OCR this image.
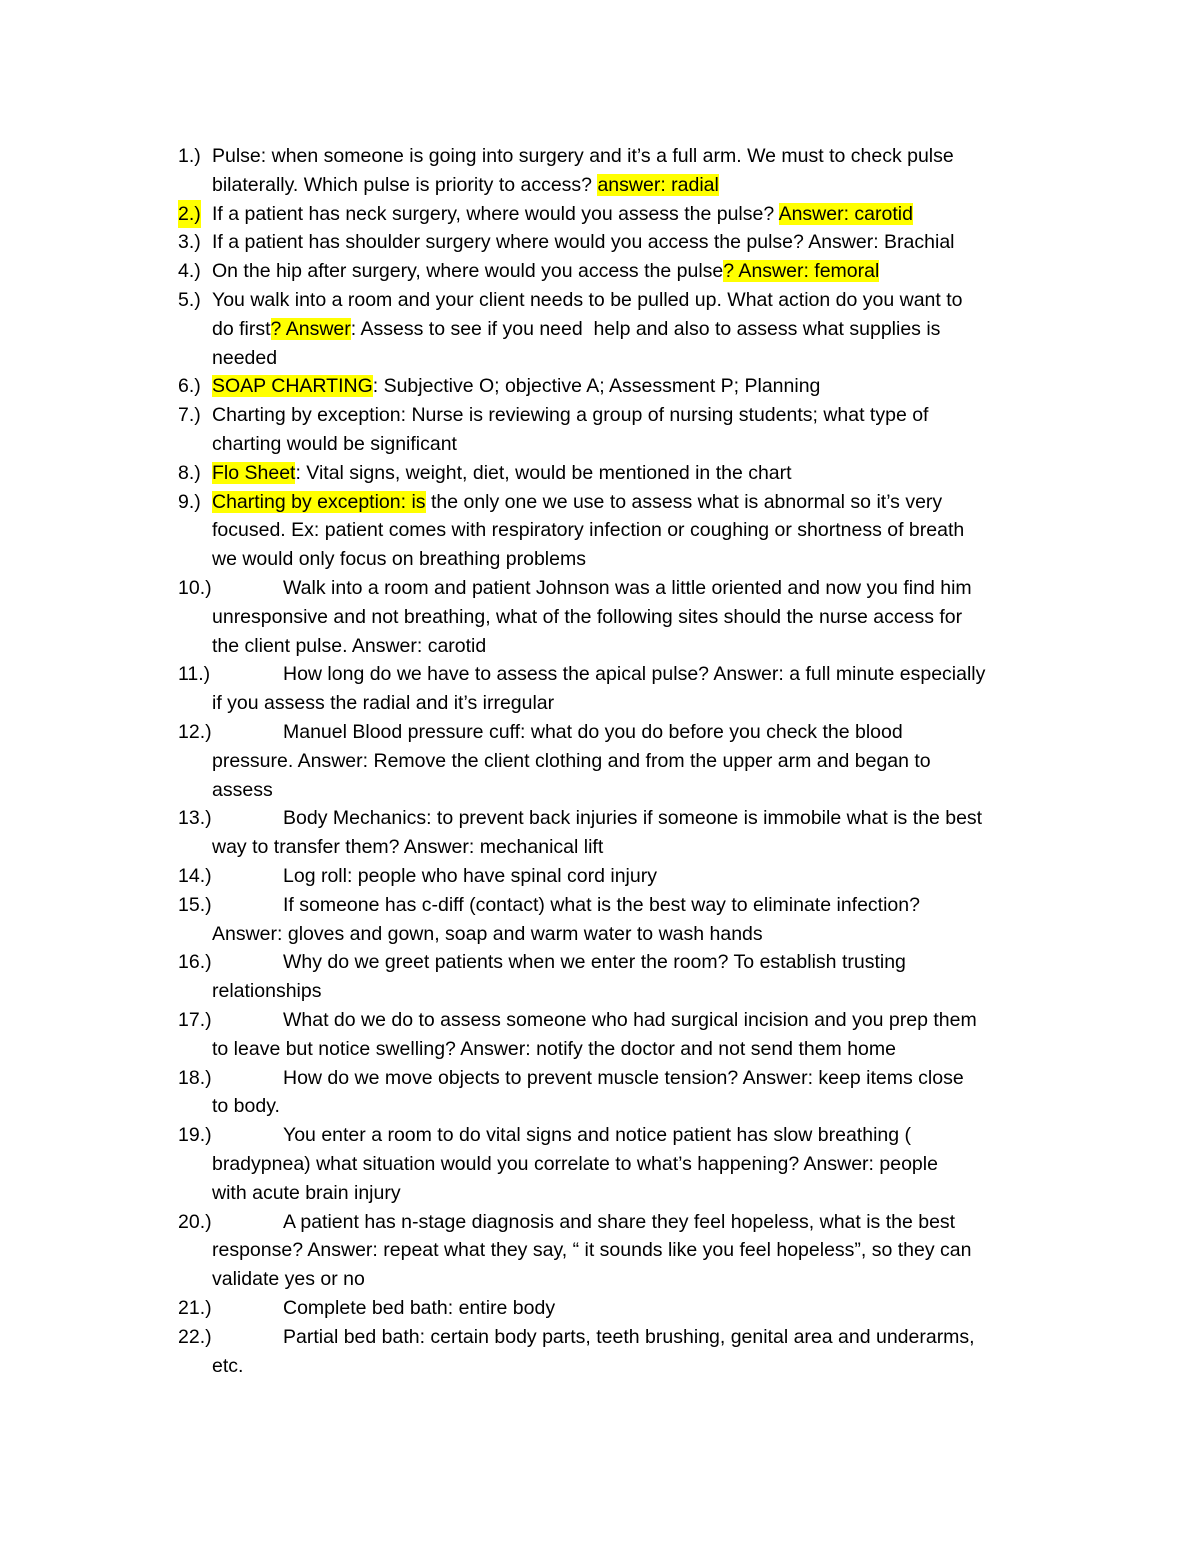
1.) Pulse: when someone is going into surgery and it’s a full arm. We must to check pulse
bilaterally. Which pulse is priority to access? answer: radial
2.) If a patient has neck surgery, where would you assess the pulse? Answer: carotid
3.) If a patient has shoulder surgery where would you access the pulse? Answer: Brachial
4.) On the hip after surgery, where would you access the pulse? Answer: femoral
5.) You walk into a room and your client needs to be pulled up. What action do you want to
do first? Answer: Assess to see if you need  help and also to assess what supplies is
needed
6.) SOAP CHARTING: Subjective O; objective A; Assessment P; Planning
7.) Charting by exception: Nurse is reviewing a group of nursing students; what type of
charting would be significant
8.) Flo Sheet: Vital signs, weight, diet, would be mentioned in the chart
9.) Charting by exception: is the only one we use to assess what is abnormal so it’s very
focused. Ex: patient comes with respiratory infection or coughing or shortness of breath
we would only focus on breathing problems
10.)	Walk into a room and patient Johnson was a little oriented and now you find him
unresponsive and not breathing, what of the following sites should the nurse access for
the client pulse. Answer: carotid
11.)	How long do we have to assess the apical pulse? Answer: a full minute especially
if you assess the radial and it’s irregular
12.)	Manuel Blood pressure cuff: what do you do before you check the blood
pressure. Answer: Remove the client clothing and from the upper arm and began to
assess
13.)	Body Mechanics: to prevent back injuries if someone is immobile what is the best
way to transfer them? Answer: mechanical lift
14.)	Log roll: people who have spinal cord injury
15.)	If someone has c-diff (contact) what is the best way to eliminate infection?
Answer: gloves and gown, soap and warm water to wash hands
16.)	Why do we greet patients when we enter the room? To establish trusting
relationships
17.)	What do we do to assess someone who had surgical incision and you prep them
to leave but notice swelling? Answer: notify the doctor and not send them home
18.)	How do we move objects to prevent muscle tension? Answer: keep items close
to body.
19.)	You enter a room to do vital signs and notice patient has slow breathing (
bradypnea) what situation would you correlate to what’s happening? Answer: people
with acute brain injury
20.)	A patient has n-stage diagnosis and share they feel hopeless, what is the best
response? Answer: repeat what they say, “ it sounds like you feel hopeless”, so they can
validate yes or no
21.)	Complete bed bath: entire body
22.)	Partial bed bath: certain body parts, teeth brushing, genital area and underarms,
etc.
